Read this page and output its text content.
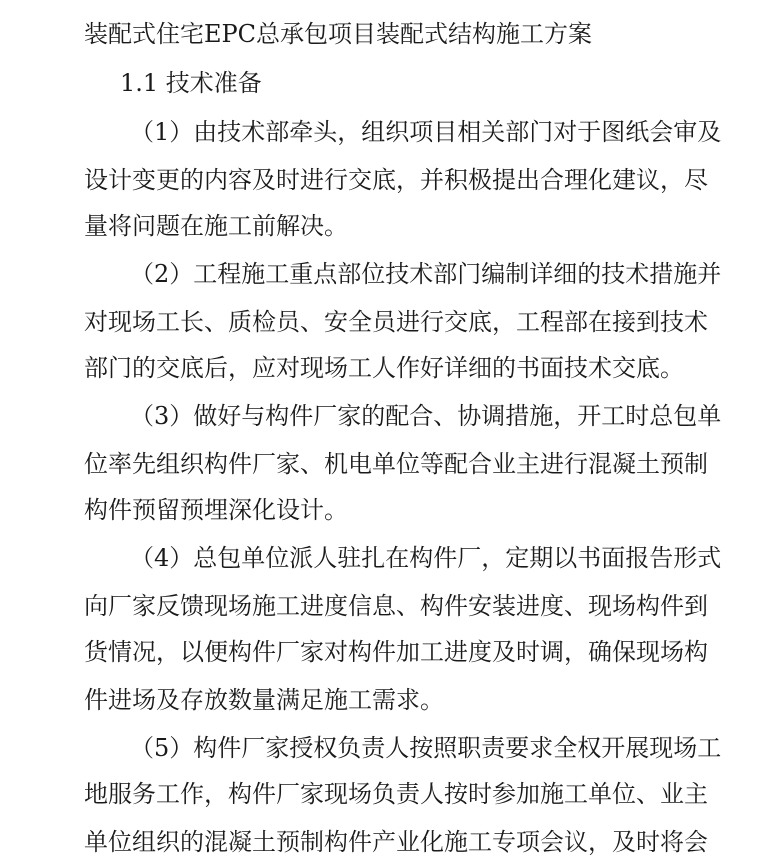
装配式住宅EPC总承包项目装配式结构施工方案
1.1 技术准备

（1）由技术部牵头，组织项目相关部门对于图纸会审及

设计变更的内容及时进行交底，并积极提出合理化建议，尽

量将问题在施工前解决。

（2）工程施工重点部位技术部门编制详细的技术措施并

对现场工长、质检员、安全员进行交底，工程部在接到技术

部门的交底后，应对现场工人作好详细的书面技术交底。

（3）做好与构件厂家的配合、协调措施，开工时总包单

位率先组织构件厂家、机电单位等配合业主进行混凝土预制

构件预留预埋深化设计。

（4）总包单位派人驻扎在构件厂，定期以书面报告形式

向厂家反馈现场施工进度信息、构件安装进度、现场构件到

货情况，以便构件厂家对构件加工进度及时调，确保现场构

件进场及存放数量满足施工需求。

（5）构件厂家授权负责人按照职责要求全权开展现场工

地服务工作，构件厂家现场负责人按时参加施工单位、业主

单位组织的混凝土预制构件产业化施工专项会议，及时将会
